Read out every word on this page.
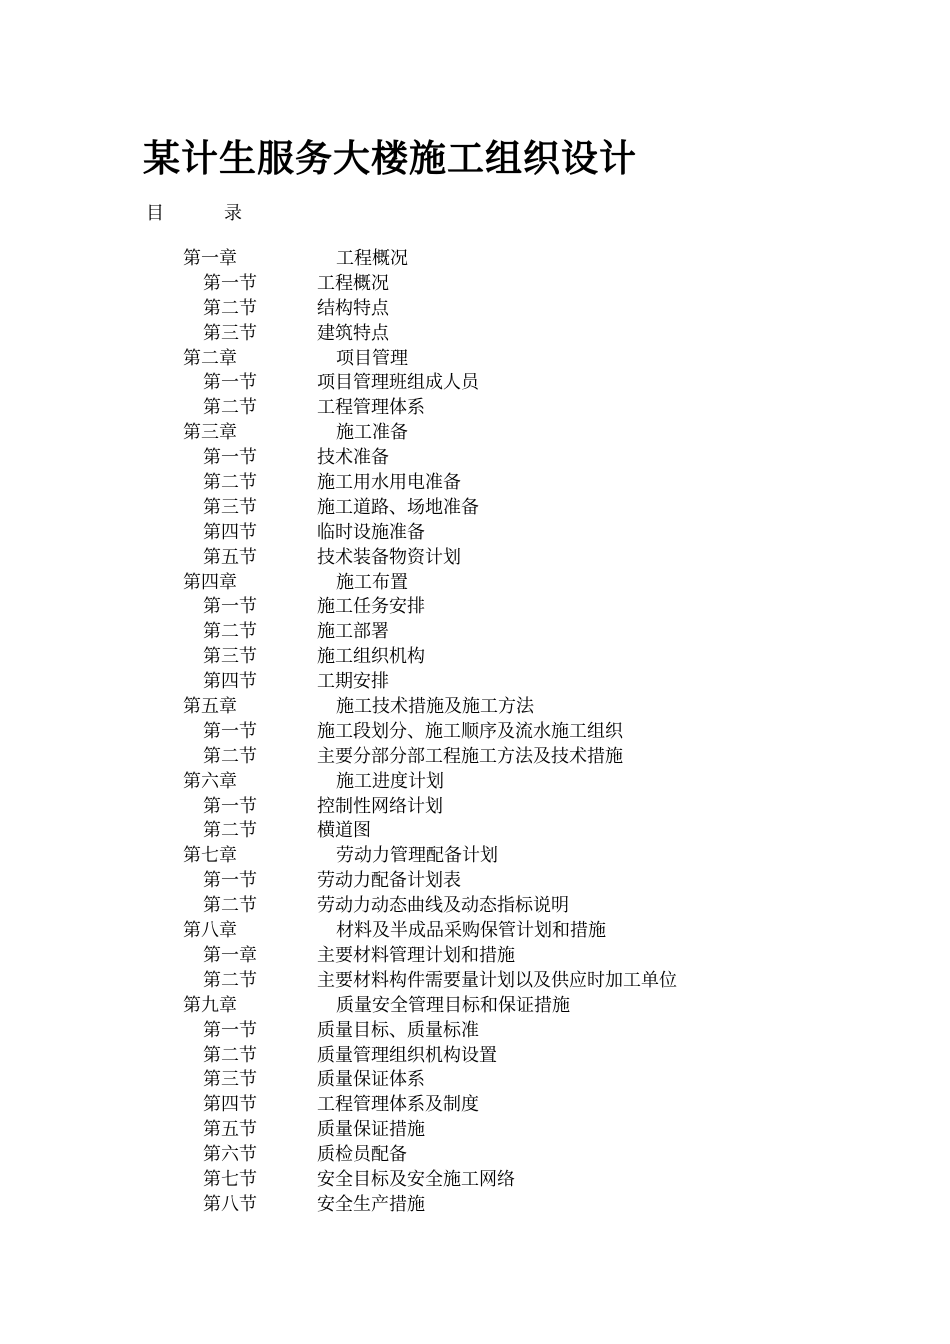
某计生服务大楼施工组织设计
目	录
第一章	工程概况
第一节	工程概况
第二节	结构特点
第三节	建筑特点
第二章	项目管理
第一节	项目管理班组成人员
第二节	工程管理体系
第三章	施工准备
第一节	技术准备
第二节	施工用水用电准备
第三节	施工道路、场地准备
第四节	临时设施准备
第五节	技术装备物资计划
第四章	施工布置
第一节	施工任务安排
第二节	施工部署
第三节	施工组织机构
第四节	工期安排
第五章	施工技术措施及施工方法
第一节	施工段划分、施工顺序及流水施工组织
第二节	主要分部分部工程施工方法及技术措施
第六章	施工进度计划
第一节	控制性网络计划
第二节	横道图
第七章	劳动力管理配备计划
第一节	劳动力配备计划表
第二节	劳动力动态曲线及动态指标说明
第八章	材料及半成品采购保管计划和措施
第一章	主要材料管理计划和措施
第二节	主要材料构件需要量计划以及供应时加工单位
第九章	质量安全管理目标和保证措施
第一节	质量目标、质量标准
第二节	质量管理组织机构设置
第三节	质量保证体系
第四节	工程管理体系及制度
第五节	质量保证措施
第六节	质检员配备
第七节	安全目标及安全施工网络
第八节	安全生产措施
